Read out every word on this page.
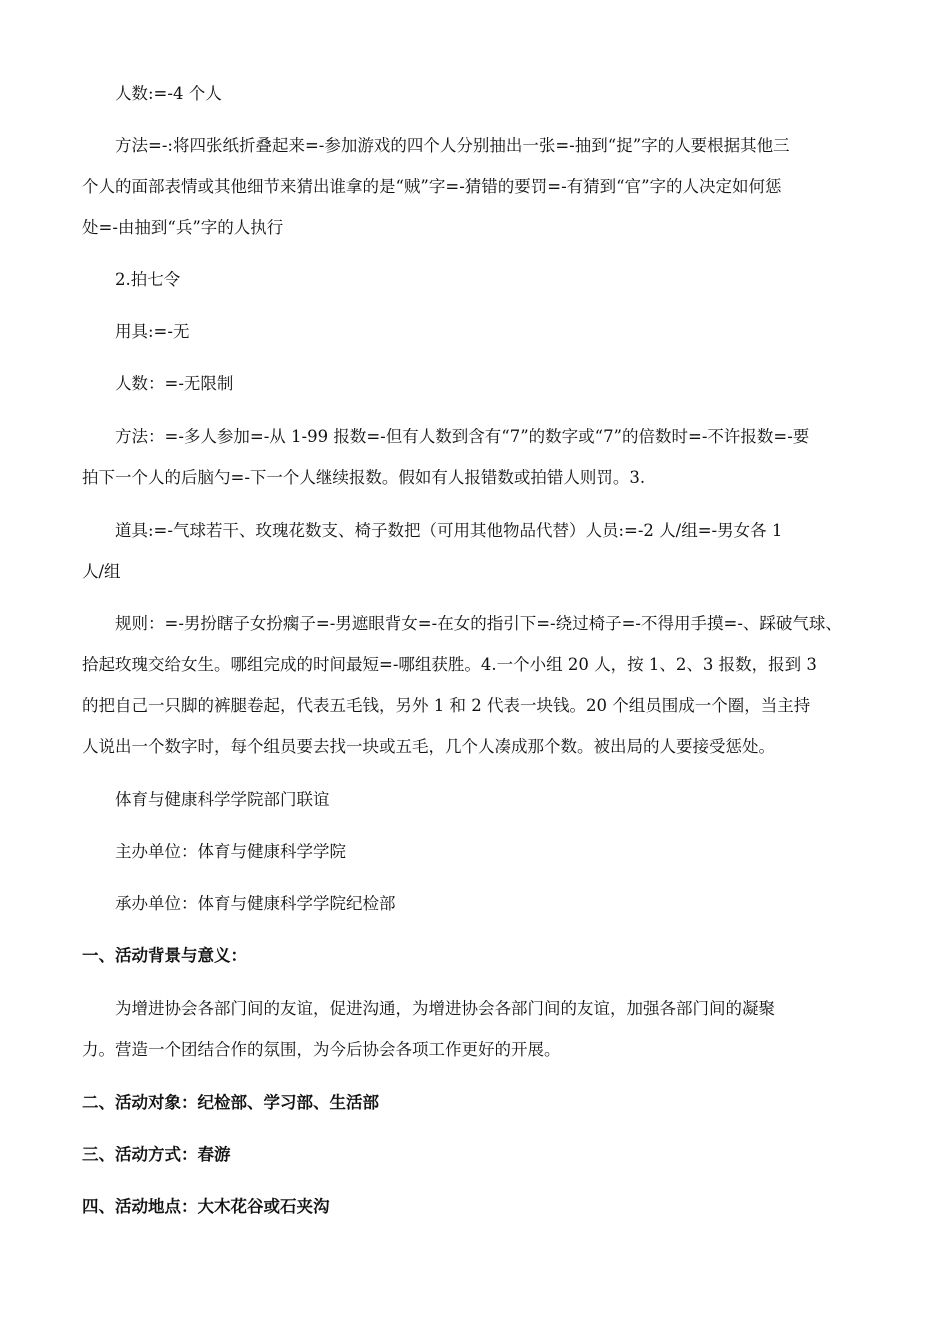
人数:=-4 个人
方法=-:将四张纸折叠起来=-参加游戏的四个人分别抽出一张=-抽到“捉”字的人要根据其他三
个人的面部表情或其他细节来猜出谁拿的是“贼”字=-猜错的要罚=-有猜到“官”字的人决定如何惩
处=-由抽到“兵”字的人执行
2.拍七令
用具:=-无
人数：=-无限制
方法：=-多人参加=-从 1-99 报数=-但有人数到含有“7”的数字或“7”的倍数时=-不许报数=-要
拍下一个人的后脑勺=-下一个人继续报数。假如有人报错数或拍错人则罚。3.
道具:=-气球若干、玫瑰花数支、椅子数把（可用其他物品代替）人员:=-2 人/组=-男女各 1
人/组
规则：=-男扮瞎子女扮瘸子=-男遮眼背女=-在女的指引下=-绕过椅子=-不得用手摸=-、踩破气球、
拾起玫瑰交给女生。哪组完成的时间最短=-哪组获胜。4.一个小组 20 人，按 1、2、3 报数，报到 3
的把自己一只脚的裤腿卷起，代表五毛钱，另外 1 和 2 代表一块钱。20 个组员围成一个圈，当主持
人说出一个数字时，每个组员要去找一块或五毛，几个人凑成那个数。被出局的人要接受惩处。
体育与健康科学学院部门联谊
主办单位：体育与健康科学学院
承办单位：体育与健康科学学院纪检部
一、活动背景与意义：
为增进协会各部门间的友谊，促进沟通，为增进协会各部门间的友谊，加强各部门间的凝聚
力。营造一个团结合作的氛围，为今后协会各项工作更好的开展。
二、活动对象：纪检部、学习部、生活部
三、活动方式：春游
四、活动地点：大木花谷或石夹沟
